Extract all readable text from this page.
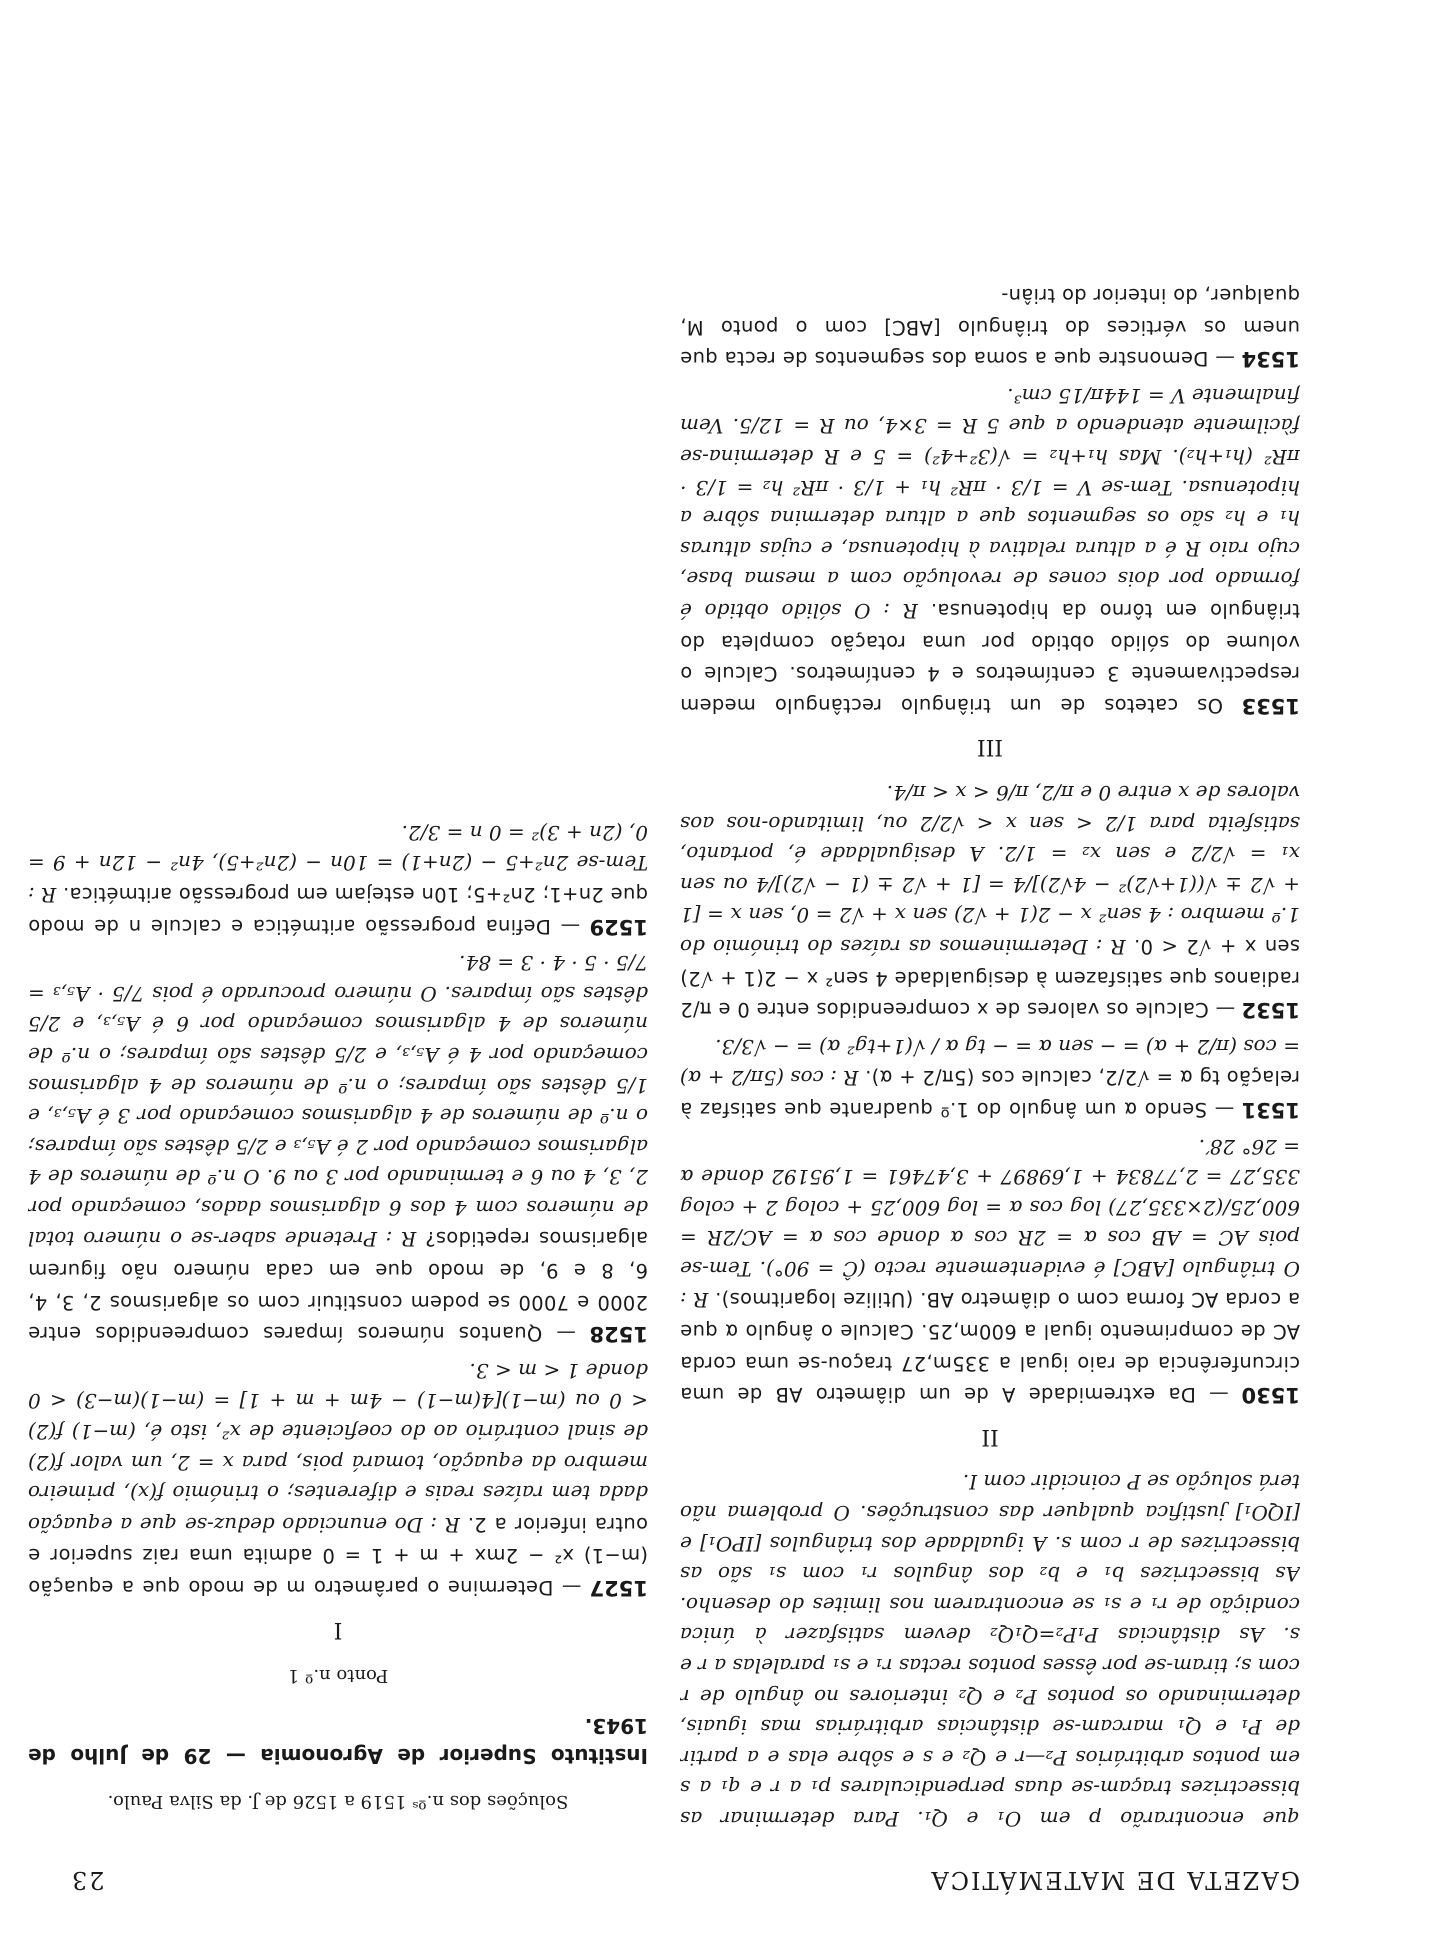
GAZETA DE MATEMÁTICA
23

que encontrarão p em O₁ e Q₁. Para determinar as bissectrizes traçam-se duas perpendiculares p₁ a r e q₁ a s em pontos arbitrários P₂—r e Q₂ e s e sôbre elas e a partir de P₁ e Q₁ marcam-se distâncias arbitrárias mas iguais, determinando os pontos P₂ e Q₂ interiores no ângulo de r com s; tiram-se por êsses pontos rectas r₁ e s₁ paralelas a r e s. As distâncias P₁P₂=Q₁Q₂ devem satisfazer à única condição de r₁ e s₁ se encontrarem nos limites do desenho. As bissectrizes b₁ e b₂ dos ângulos r₁ com s₁ são as bissectrizes de r com s. A igualdade dos triângulos [IPO₁] e [IQO₁] justifica qualquer das construções. O problema não terá solução se P coincidir com I.

II

1530 — Da extremidade A de um diâmetro AB de uma circunferência de raio igual a 335m,27 traçou-se uma corda AC de comprimento igual a 600m,25. Calcule o ângulo α que a corda AC forma com o diâmetro AB. (Utilize logaritmos). R : O triângulo [ABC] é evidentemente recto (Ĉ = 90°). Tem-se pois AC = AB cos α = 2R cos α donde cos α = AC/2R = 600,25/(2×335,27) log cos α = log 600,25 + colog 2 + colog 335,27 = 2,77834 + 1,69897 + 3,47461 = 1,95192 donde α = 26° 28′.

1531 — Sendo α um ângulo do 1.º quadrante que satisfaz à relação tg α = √2/2, calcule cos (5π/2 + α). R : cos (5π/2 + α) = cos (π/2 + α) = − sen α = − tg α / √(1+tg² α) = − √3/3.

1532 — Calcule os valores de x compreendidos entre 0 e π/2 radianos que satisfazem à desigualdade 4 sen² x − 2(1 + √2) sen x + √2 < 0. R : Determinemos as raízes do trinómio do 1.º membro : 4 sen² x − 2(1 + √2) sen x + √2 = 0, sen x = [1 + √2 ± √((1+√2)² − 4√2)]/4 = [1 + √2 ± (1 − √2)]/4 ou sen x₁ = √2/2 e sen x₂ = 1/2. A desigualdade é, portanto, satisfeita para 1/2 < sen x < √2/2 ou, limitando-nos aos valores de x entre 0 e π/2, π/6 < x < π/4.

III

1533 Os catetos de um triângulo rectângulo medem respectivamente 3 centímetros e 4 centímetros. Calcule o volume do sólido obtido por uma rotação completa do triângulo em tôrno da hipotenusa. R : O sólido obtido é formado por dois cones de revolução com a mesma base, cujo raio R é a altura relativa à hipotenusa, e cujas alturas h₁ e h₂ são os segmentos que a altura determina sôbre a hipotenusa. Tem-se V = 1/3 · πR² h₁ + 1/3 · πR² h₂ = 1/3 · πR² (h₁+h₂). Mas h₁+h₂ = √(3²+4²) = 5 e R determina-se fàcilmente atendendo a que 5 R = 3×4, ou R = 12/5. Vem finalmente V = 144π/15 cm³.

1534 — Demonstre que a soma dos segmentos de recta que unem os vértices do triângulo [ABC] com o ponto M, qualquer, do interior do triân-

Soluções dos n.ºˢ 1519 a 1526 de J. da Silva Paulo.
Instituto Superior de Agronomia — 29 de Julho de 1943.
Ponto n.º 1
I

1527 — Determine o parâmetro m de modo que a equação (m−1) x² − 2mx + m + 1 = 0 admita uma raiz superior e outra inferior a 2. R : Do enunciado deduz-se que a equação dada tem raízes reais e diferentes; o trinómio f(x), primeiro membro da equação, tomará pois, para x = 2, um valor f(2) de sinal contrário ao do coeficiente de x², isto é, (m−1) f(2) < 0 ou (m−1)[4(m−1) − 4m + m + 1] = (m−1)(m−3) < 0 donde 1 < m < 3.

1528 — Quantos números ímpares compreendidos entre 2000 e 7000 se podem constituir com os algarismos 2, 3, 4, 6, 8 e 9, de modo que em cada número não figurem algarismos repetidos? R : Pretende saber-se o número total de números com 4 dos 6 algarismos dados, começando por 2, 3, 4 ou 6 e terminando por 3 ou 9. O n.º de números de 4 algarismos começando por 2 é A₅,₃ e 2/5 dêstes são ímpares; o n.º de números de 4 algarismos começando por 3 é A₅,₃, e 1/5 dêstes são ímpares; o n.º de números de 4 algarismos começando por 4 é A₅,₃, e 2/5 dêstes são ímpares; o n.º de números de 4 algarismos começando por 6 é A₅,₃, e 2/5 dêstes são ímpares. O número procurado é pois 7/5 · A₅,₃ = 7/5 · 5 · 4 · 3 = 84.

1529 — Defina progressão aritmética e calcule n de modo que 2n+1; 2n²+5; 10n estejam em progressão aritmética. R : Tem-se 2n²+5 − (2n+1) = 10n − (2n²+5), 4n² − 12n + 9 = 0, (2n + 3)² = 0 n = 3/2.
